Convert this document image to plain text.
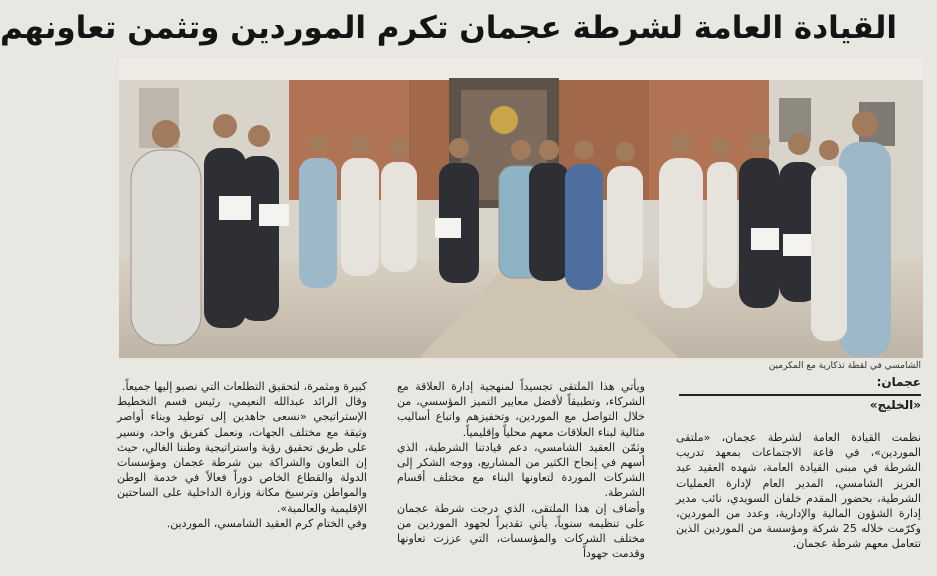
القيادة العامة لشرطة عجمان تكرم الموردين وتثمن تعاونهم
الشامسي في لقطة تذكارية مع المكرمين
عجمان:
«الخليج»
نظمت القيادة العامة لشرطة عجمان، «ملتقى الموردين»، في قاعة الاجتماعات بمعهد تدريب الشرطة في مبنى القيادة العامة، شهده العقيد عبد العزيز الشامسي، المدير العام لإدارة العمليات الشرطية، بحضور المقدم خلفان السويدي، نائب مدير إدارة الشؤون المالية والإدارية، وعدد من الموردين، وكرّمت خلاله 25 شركة ومؤسسة من الموردين الذين تتعامل معهم شرطة عجمان.
ويأتي هذا الملتقى تجسيداً لمنهجية إدارة العلاقة مع الشركاء، وتطبيقاً لأفضل معايير التميز المؤسسي، من خلال التواصل مع الموردين، وتحفيزهم واتباع أساليب مثالية لبناء العلاقات معهم محلياً وإقليمياً.
وثمّن العقيد الشامسي، دعم قيادتنا الشرطية، الذي أسهم في إنجاح الكثير من المشاريع، ووجه الشكر إلى الشركات الموردة لتعاونها البناء مع مختلف أقسام الشرطة.
وأضاف إن هذا الملتقى، الذي درجت شرطة عجمان على تنظيمه سنوياً، يأتي تقديراً لجهود الموردين من مختلف الشركات والمؤسسات، التي عززت تعاونها وقدمت جهوداً
كبيرة ومثمرة، لتحقيق التطلعات التي نصبو إليها جميعاً.
وقال الرائد عبدالله النعيمي، رئيس قسم التخطيط الإستراتيجي «نسعى جاهدين إلى توطيد وبناء أواصر وثيقة مع مختلف الجهات، ونعمل كفريق واحد، ونسير على طريق تحقيق رؤية واستراتيجية وطننا الغالي، حيث إن التعاون والشراكة بين شرطة عجمان ومؤسسات الدولة والقطاع الخاص دوراً فعالاً في خدمة الوطن والمواطن وترسيخ مكانة وزارة الداخلية على الساحتين الإقليمية والعالمية».
وفي الختام كرم العقيد الشامسي، الموردين.
